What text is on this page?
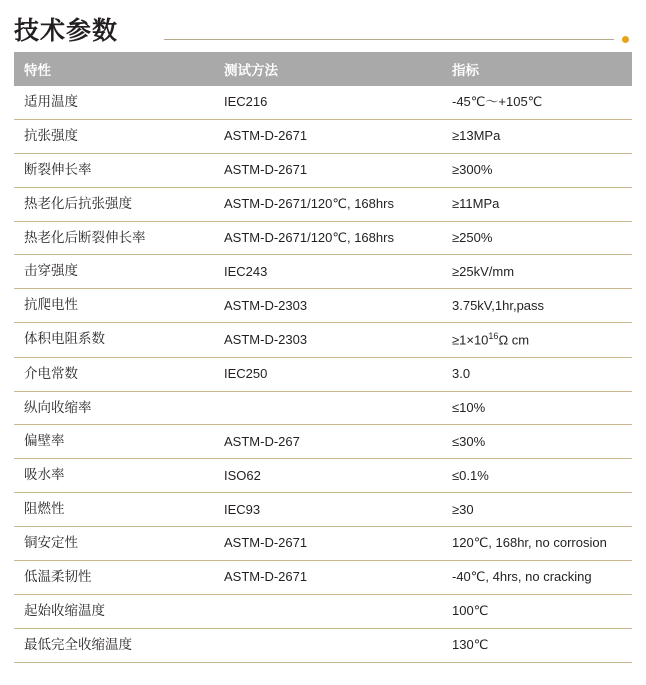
技术参数
特性	测试方法	指标
适用温度	IEC216	-45℃～+105℃
抗张强度	ASTM-D-2671	≥13MPa
断裂伸长率	ASTM-D-2671	≥300%
热老化后抗张强度	ASTM-D-2671/120℃, 168hrs	≥11MPa
热老化后断裂伸长率	ASTM-D-2671/120℃, 168hrs	≥250%
击穿强度	IEC243	≥25kV/mm
抗爬电性	ASTM-D-2303	3.75kV,1hr,pass
体积电阻系数	ASTM-D-2303	$\ge 1\times 10^{16}\Omega$ cm
介电常数	IEC250	3.0
纵向收缩率		≤10%
偏壁率	ASTM-D-267	≤30%
吸水率	ISO62	≤0.1%
阻燃性	IEC93	≥30
铜安定性	ASTM-D-2671	120℃, 168hr, no corrosion
低温柔韧性	ASTM-D-2671	-40℃, 4hrs, no cracking
起始收缩温度		100℃
最低完全收缩温度		130℃
